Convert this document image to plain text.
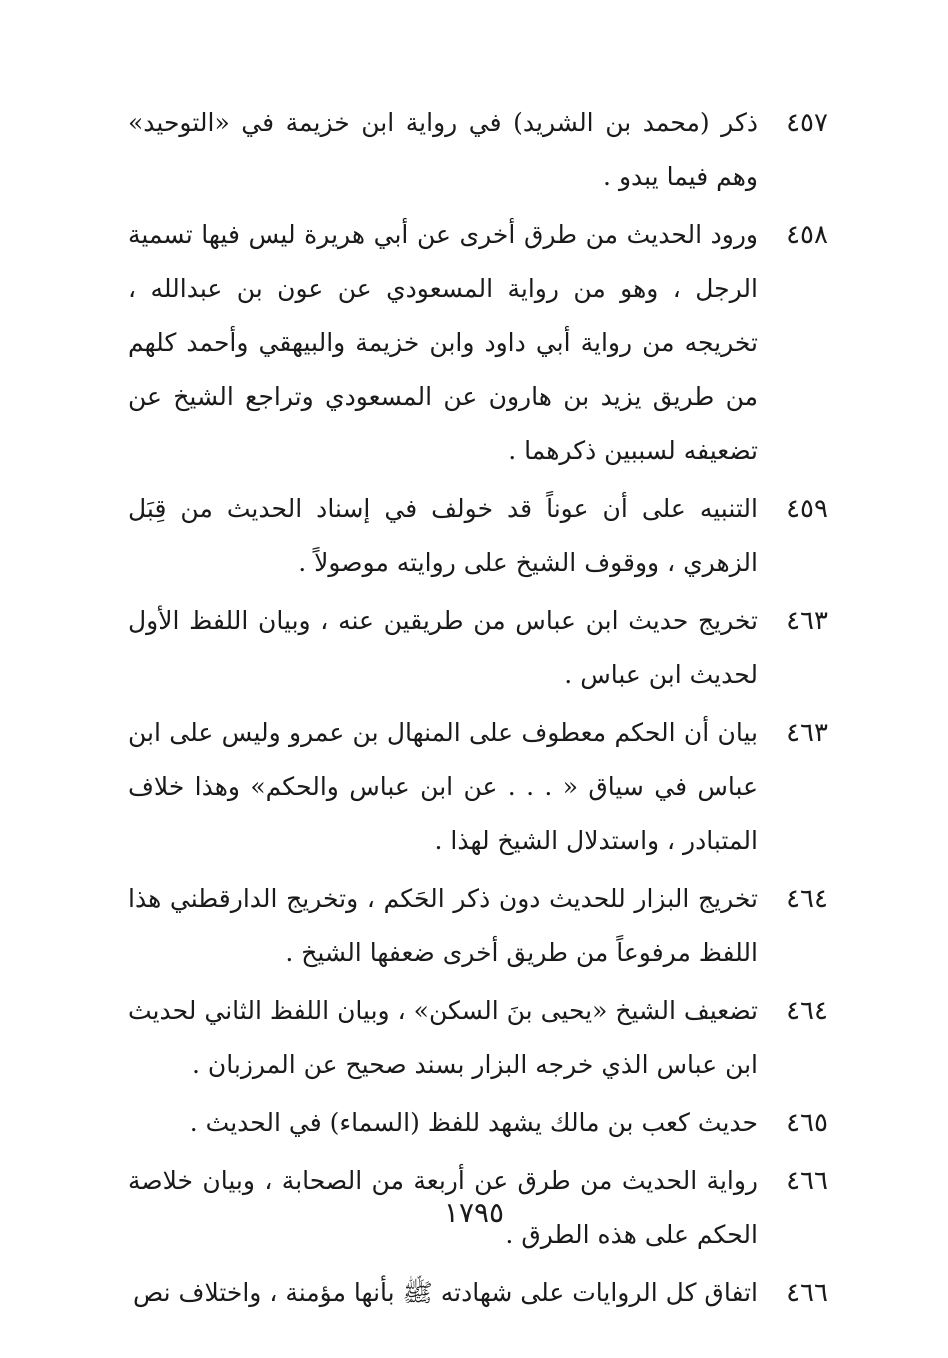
٤٥٧
ذكر (محمد بن الشريد) في رواية ابن خزيمة في «التوحيد» وهم فيما يبدو .
٤٥٨
ورود الحديث من طرق أخرى عن أبي هريرة ليس فيها تسمية الرجل ، وهو من رواية المسعودي عن عون بن عبدالله ، تخريجه من رواية أبي داود وابن خزيمة والبيهقي وأحمد كلهم من طريق يزيد بن هارون عن المسعودي وتراجع الشيخ عن تضعيفه لسببين ذكرهما .
٤٥٩
التنبيه على أن عوناً قد خولف في إسناد الحديث من قِبَل الزهري ، ووقوف الشيخ على روايته موصولاً .
٤٦٣
تخريج حديث ابن عباس من طريقين عنه ، وبيان اللفظ الأول لحديث ابن عباس .
٤٦٣
بيان أن الحكم معطوف على المنهال بن عمرو وليس على ابن عباس في سياق « . . . عن ابن عباس والحكم» وهذا خلاف المتبادر ، واستدلال الشيخ لهذا .
٤٦٤
تخريج البزار للحديث دون ذكر الحَكم ، وتخريج الدارقطني هذا اللفظ مرفوعاً من طريق أخرى ضعفها الشيخ .
٤٦٤
تضعيف الشيخ «يحيى بنَ السكن» ، وبيان اللفظ الثاني لحديث ابن عباس الذي خرجه البزار بسند صحيح عن المرزبان .
٤٦٥
حديث كعب بن مالك يشهد للفظ (السماء) في الحديث .
٤٦٦
رواية الحديث من طرق عن أربعة من الصحابة ، وبيان خلاصة الحكم على هذه الطرق .
٤٦٦
اتفاق كل الروايات على شهادته ﷺ بأنها مؤمنة ، واختلاف نص
١٧٩٥
